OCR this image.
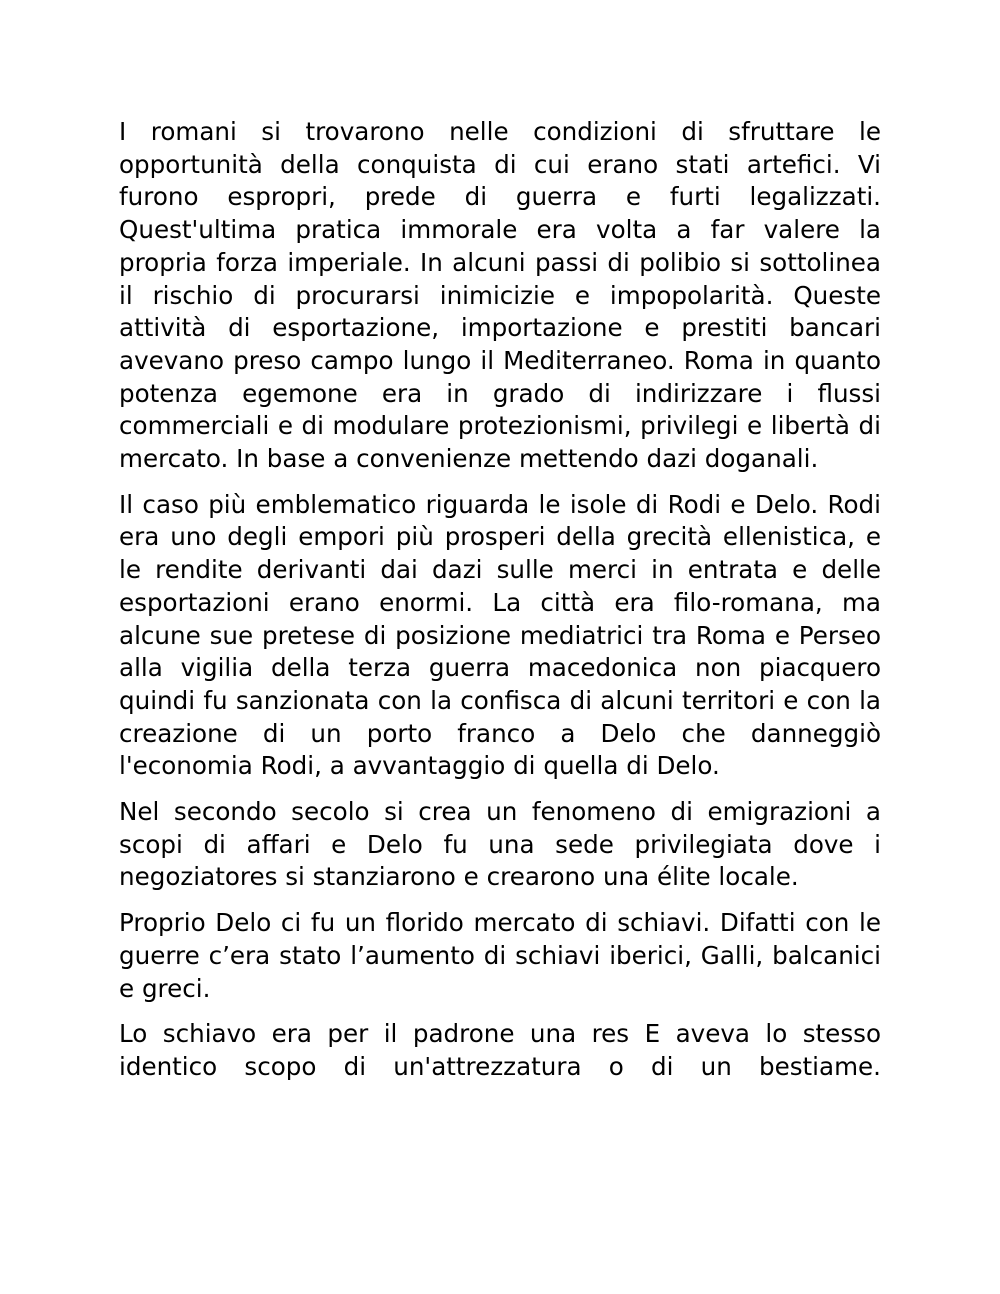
I romani si trovarono nelle condizioni di sfruttare le opportunità della conquista di cui erano stati artefici. Vi furono espropri, prede di guerra e furti legalizzati. Quest'ultima pratica immorale era volta a far valere la propria forza imperiale. In alcuni passi di polibio si sottolinea il rischio di procurarsi inimicizie e impopolarità. Queste attività di esportazione, importazione e prestiti bancari avevano preso campo lungo il Mediterraneo. Roma in quanto potenza egemone era in grado di indirizzare i flussi commerciali e di modulare protezionismi, privilegi e libertà di mercato. In base a convenienze mettendo dazi doganali.

Il caso più emblematico riguarda le isole di Rodi e Delo. Rodi era uno degli empori più prosperi della grecità ellenistica, e le rendite derivanti dai dazi sulle merci in entrata e delle esportazioni erano enormi. La città era filo-romana, ma alcune sue pretese di posizione mediatrici tra Roma e Perseo alla vigilia della terza guerra macedonica non piacquero quindi fu sanzionata con la confisca di alcuni territori e con la creazione di un porto franco a Delo che danneggiò l'economia Rodi, a avvantaggio di quella di Delo.

Nel secondo secolo si crea un fenomeno di emigrazioni a scopi di affari e Delo fu una sede privilegiata dove i negoziatores si stanziarono e crearono una élite locale.

Proprio Delo ci fu un florido mercato di schiavi. Difatti con le guerre c’era stato l’aumento di schiavi iberici, Galli, balcanici e greci.

Lo schiavo era per il padrone una res E aveva lo stesso identico scopo di un'attrezzatura o di un bestiame.
